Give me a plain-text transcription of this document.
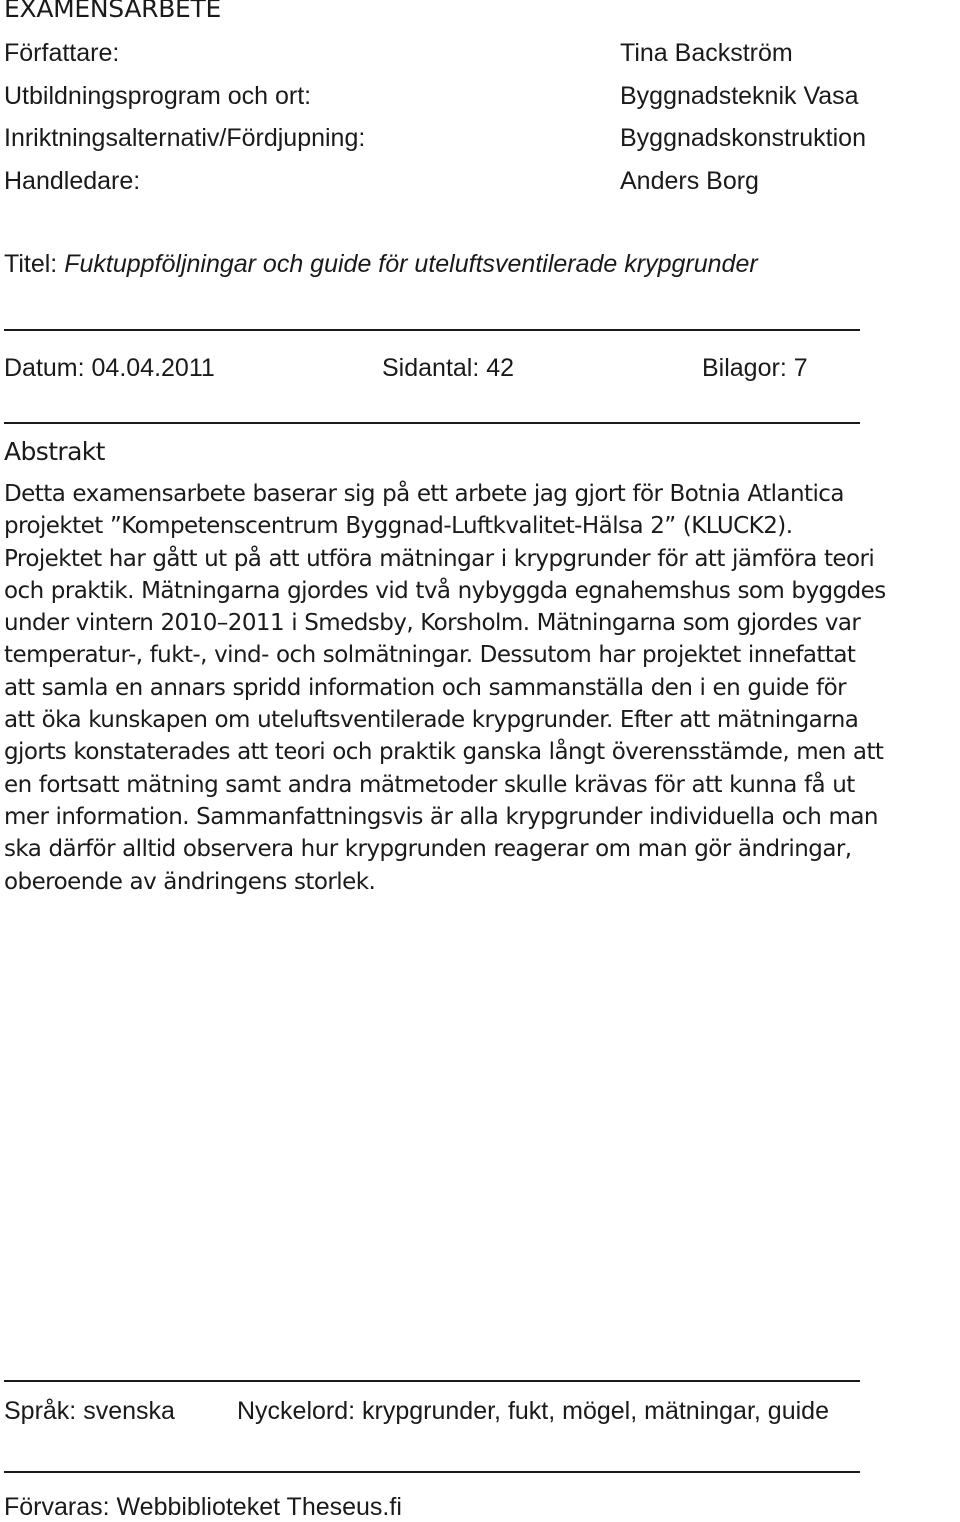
EXAMENSARBETE
Författare:	Tina Backström
Utbildningsprogram och ort:	Byggnadsteknik Vasa
Inriktningsalternativ/Fördjupning:	Byggnadskonstruktion
Handledare:	Anders Borg
Titel: Fuktuppföljningar och guide för uteluftsventilerade krypgrunder
Datum: 04.04.2011	Sidantal: 42	Bilagor: 7
Abstrakt
Detta examensarbete baserar sig på ett arbete jag gjort för Botnia Atlantica
projektet ”Kompetenscentrum Byggnad-Luftkvalitet-Hälsa 2” (KLUCK2).
Projektet har gått ut på att utföra mätningar i krypgrunder för att jämföra teori
och praktik. Mätningarna gjordes vid två nybyggda egnahemshus som byggdes
under vintern 2010–2011 i Smedsby, Korsholm. Mätningarna som gjordes var
temperatur-, fukt-, vind- och solmätningar. Dessutom har projektet innefattat
att samla en annars spridd information och sammanställa den i en guide för
att öka kunskapen om uteluftsventilerade krypgrunder. Efter att mätningarna
gjorts konstaterades att teori och praktik ganska långt överensstämde, men att
en fortsatt mätning samt andra mätmetoder skulle krävas för att kunna få ut
mer information. Sammanfattningsvis är alla krypgrunder individuella och man
ska därför alltid observera hur krypgrunden reagerar om man gör ändringar,
oberoende av ändringens storlek.
Språk: svenska Nyckelord: krypgrunder, fukt, mögel, mätningar, guide
Förvaras: Webbiblioteket Theseus.fi
